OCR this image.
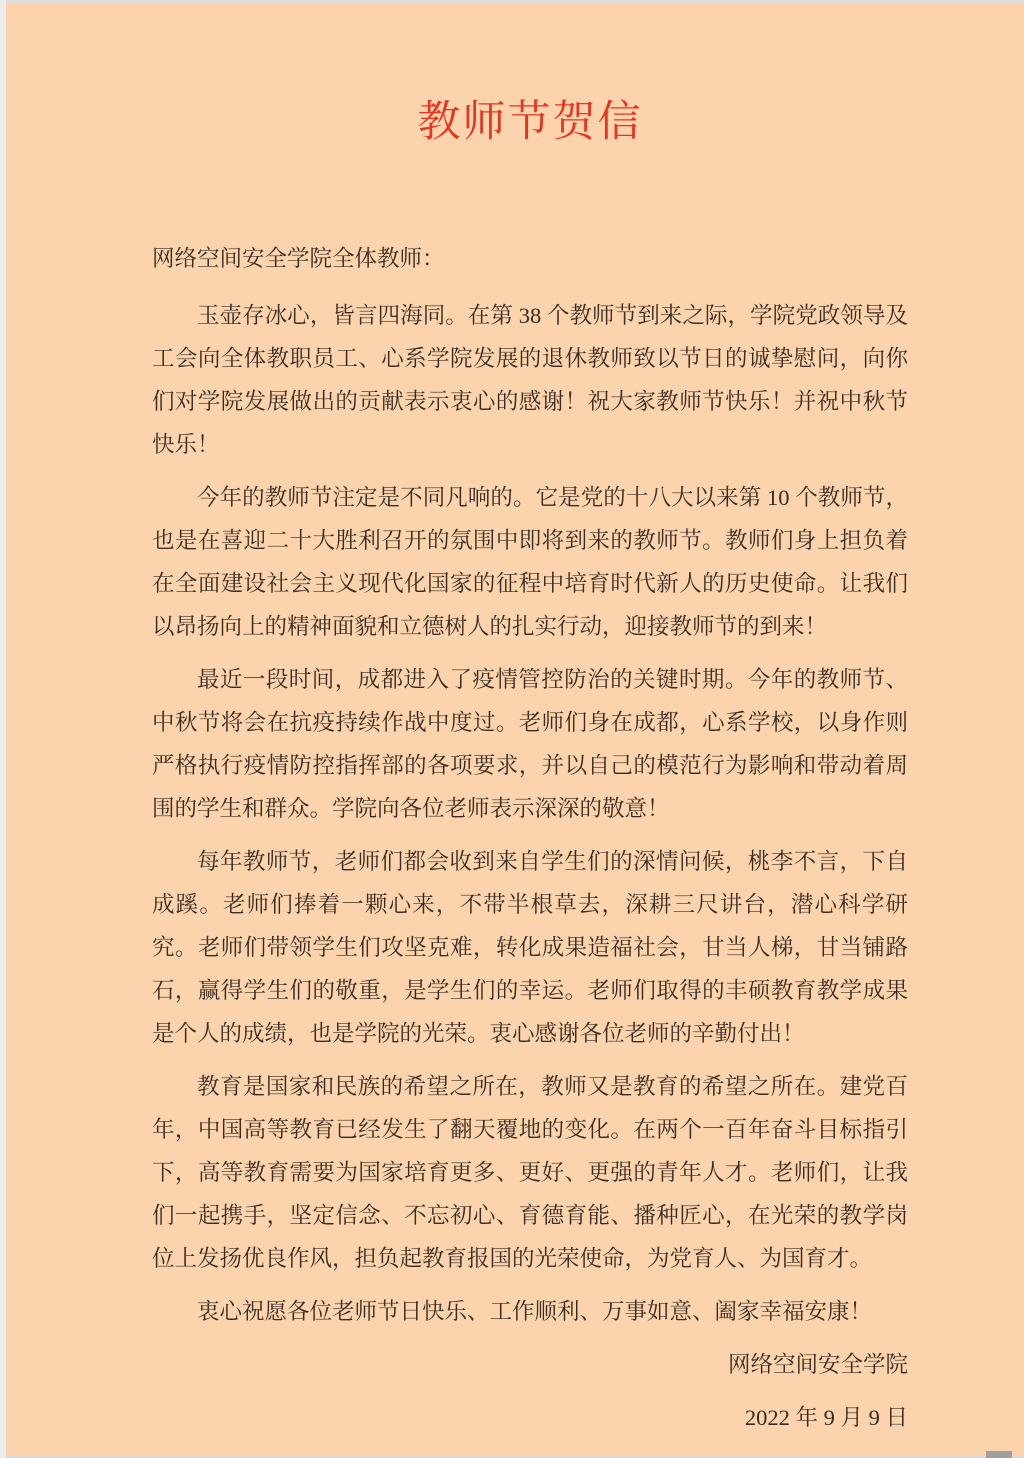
教师节贺信

网络空间安全学院全体教师：

玉壶存冰心，皆言四海同。在第 38 个教师节到来之际，学院党政领导及工会向全体教职员工、心系学院发展的退休教师致以节日的诚挚慰问，向你们对学院发展做出的贡献表示衷心的感谢！祝大家教师节快乐！并祝中秋节快乐！

今年的教师节注定是不同凡响的。它是党的十八大以来第 10 个教师节，也是在喜迎二十大胜利召开的氛围中即将到来的教师节。教师们身上担负着在全面建设社会主义现代化国家的征程中培育时代新人的历史使命。让我们以昂扬向上的精神面貌和立德树人的扎实行动，迎接教师节的到来！

最近一段时间，成都进入了疫情管控防治的关键时期。今年的教师节、中秋节将会在抗疫持续作战中度过。老师们身在成都，心系学校，以身作则严格执行疫情防控指挥部的各项要求，并以自己的模范行为影响和带动着周围的学生和群众。学院向各位老师表示深深的敬意！

每年教师节，老师们都会收到来自学生们的深情问候，桃李不言，下自成蹊。老师们捧着一颗心来，不带半根草去，深耕三尺讲台，潜心科学研究。老师们带领学生们攻坚克难，转化成果造福社会，甘当人梯，甘当铺路石，赢得学生们的敬重，是学生们的幸运。老师们取得的丰硕教育教学成果是个人的成绩，也是学院的光荣。衷心感谢各位老师的辛勤付出！

教育是国家和民族的希望之所在，教师又是教育的希望之所在。建党百年，中国高等教育已经发生了翻天覆地的变化。在两个一百年奋斗目标指引下，高等教育需要为国家培育更多、更好、更强的青年人才。老师们，让我们一起携手，坚定信念、不忘初心、育德育能、播种匠心，在光荣的教学岗位上发扬优良作风，担负起教育报国的光荣使命，为党育人、为国育才。

衷心祝愿各位老师节日快乐、工作顺利、万事如意、阖家幸福安康！

网络空间安全学院
2022 年 9 月 9 日
